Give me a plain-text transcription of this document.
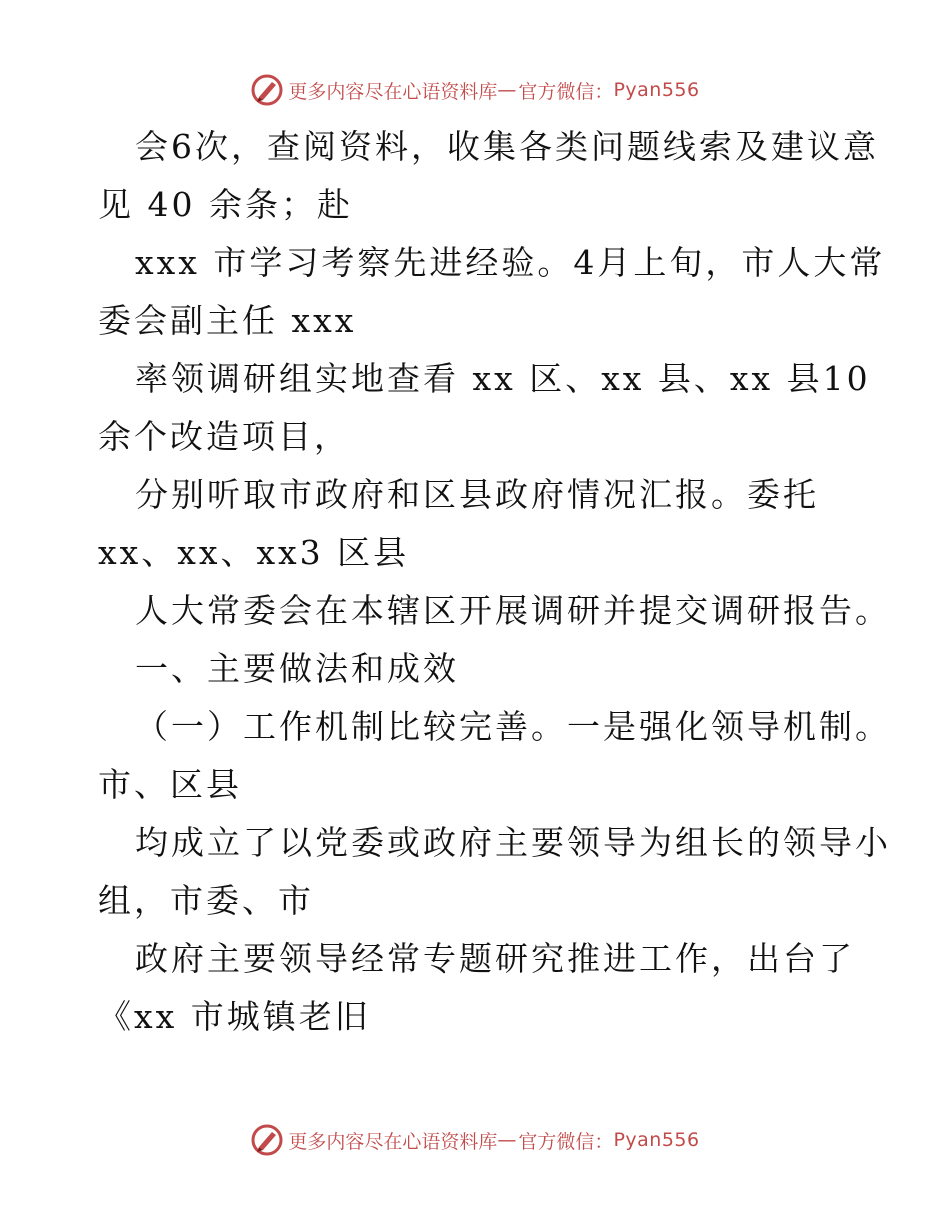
更多内容尽在心语资料库 — 官方微信： Pyan556
会6次，查阅资料，收集各类问题线索及建议意
见 40 余条；赴
xxx 市学习考察先进经验。4月上旬，市人大常
委会副主任 xxx
率领调研组实地查看 xx 区、xx 县、xx 县10
余个改造项目，
分别听取市政府和区县政府情况汇报。委托
xx、xx、xx3 区县
人大常委会在本辖区开展调研并提交调研报告。
一、主要做法和成效
（一）工作机制比较完善。一是强化领导机制。
市、区县
均成立了以党委或政府主要领导为组长的领导小
组，市委、市
政府主要领导经常专题研究推进工作，出台了
《xx 市城镇老旧
更多内容尽在心语资料库 — 官方微信： Pyan556
